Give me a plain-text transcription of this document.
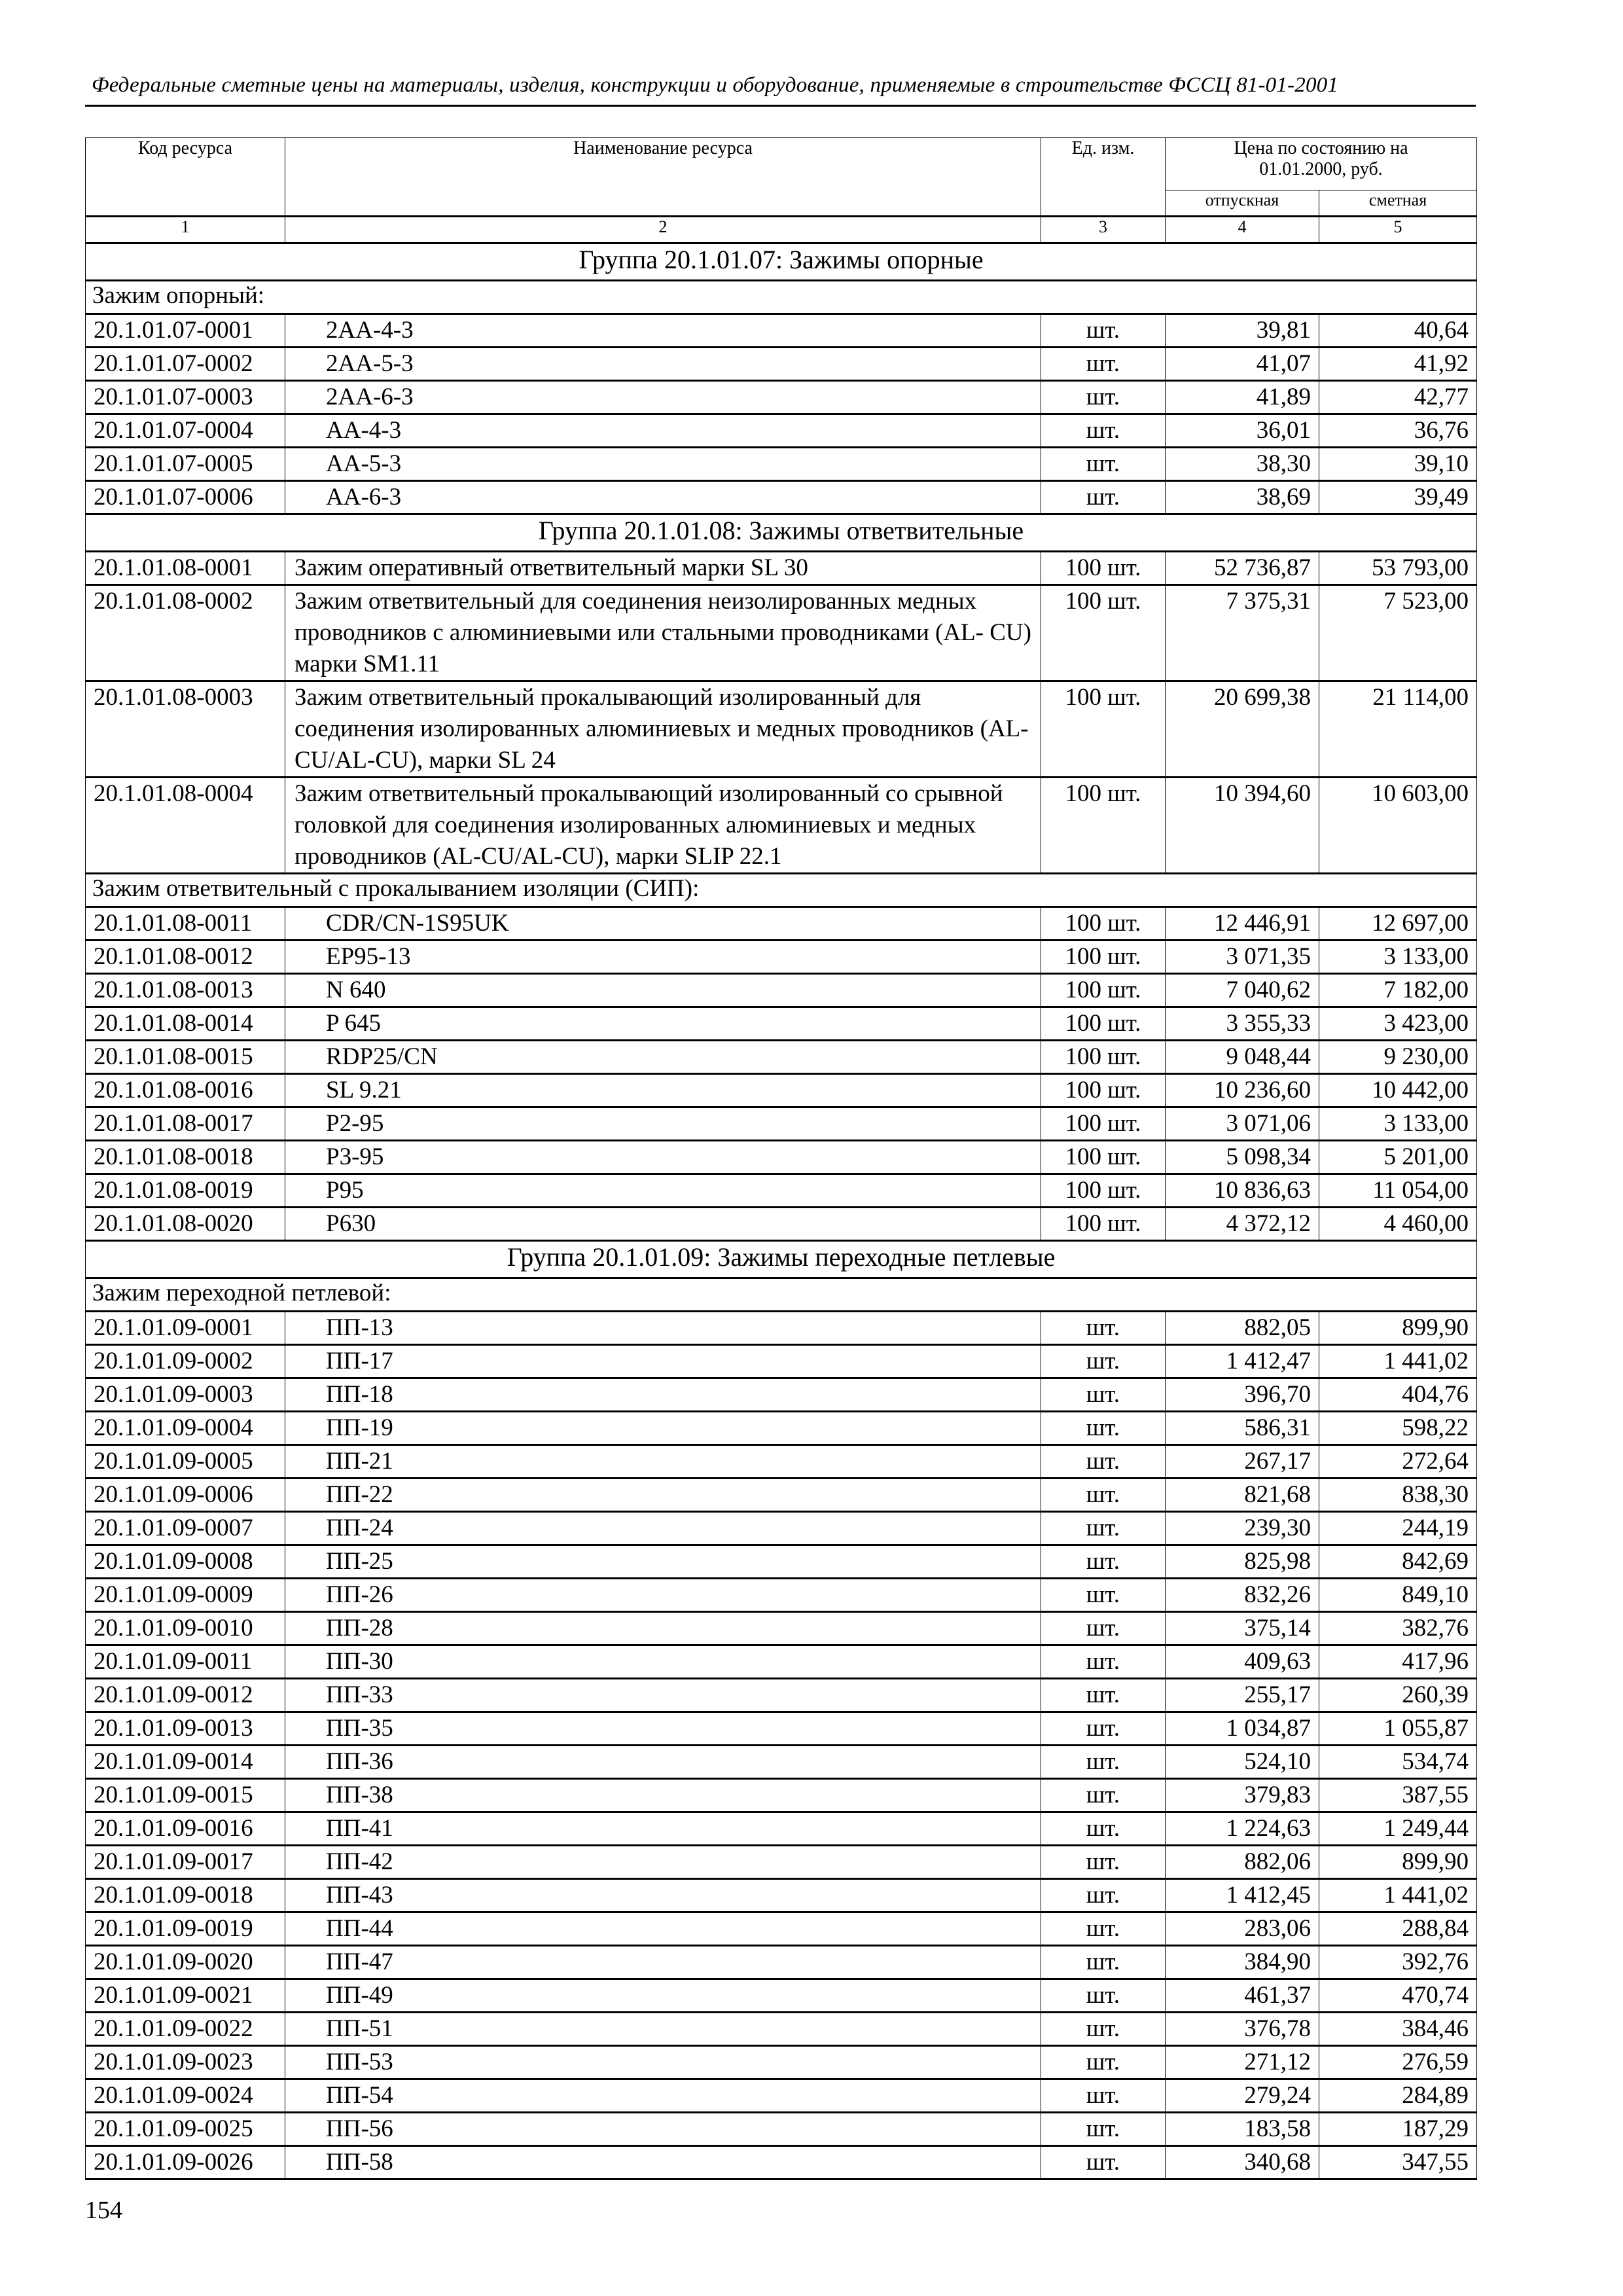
Федеральные сметные цены на материалы, изделия, конструкции и оборудование, применяемые в строительстве ФССЦ 81-01-2001
Код ресурса	Наименование ресурса	Ед. изм.	Цена по состоянию на 01.01.2000, руб.	
			отпускная	сметная
1	2	3	4	5
Группа 20.1.01.07: Зажимы опорные				
Зажим опорный:				
20.1.01.07-0001	2АА-4-3	шт.	39,81	40,64
20.1.01.07-0002	2АА-5-3	шт.	41,07	41,92
20.1.01.07-0003	2АА-6-3	шт.	41,89	42,77
20.1.01.07-0004	АА-4-3	шт.	36,01	36,76
20.1.01.07-0005	АА-5-3	шт.	38,30	39,10
20.1.01.07-0006	АА-6-3	шт.	38,69	39,49
Группа 20.1.01.08: Зажимы ответвительные				
20.1.01.08-0001	Зажим оперативный ответвительный марки SL 30	100 шт.	52 736,87	53 793,00
20.1.01.08-0002	Зажим ответвительный для соединения неизолированных медных проводников с алюминиевыми или стальными проводниками (AL- CU) марки SM1.11	100 шт.	7 375,31	7 523,00
20.1.01.08-0003	Зажим ответвительный прокалывающий изолированный для соединения изолированных алюминиевых и медных проводников (AL-CU/AL-CU), марки SL 24	100 шт.	20 699,38	21 114,00
20.1.01.08-0004	Зажим ответвительный прокалывающий изолированный со срывной головкой для соединения изолированных алюминиевых и медных проводников (AL-CU/AL-CU), марки SLIP 22.1	100 шт.	10 394,60	10 603,00
Зажим ответвительный с прокалыванием изоляции (СИП):				
20.1.01.08-0011	CDR/CN-1S95UK	100 шт.	12 446,91	12 697,00
20.1.01.08-0012	EP95-13	100 шт.	3 071,35	3 133,00
20.1.01.08-0013	N 640	100 шт.	7 040,62	7 182,00
20.1.01.08-0014	P 645	100 шт.	3 355,33	3 423,00
20.1.01.08-0015	RDP25/CN	100 шт.	9 048,44	9 230,00
20.1.01.08-0016	SL 9.21	100 шт.	10 236,60	10 442,00
20.1.01.08-0017	P2-95	100 шт.	3 071,06	3 133,00
20.1.01.08-0018	P3-95	100 шт.	5 098,34	5 201,00
20.1.01.08-0019	P95	100 шт.	10 836,63	11 054,00
20.1.01.08-0020	P630	100 шт.	4 372,12	4 460,00
Группа 20.1.01.09: Зажимы переходные петлевые				
Зажим переходной петлевой:				
20.1.01.09-0001	ПП-13	шт.	882,05	899,90
20.1.01.09-0002	ПП-17	шт.	1 412,47	1 441,02
20.1.01.09-0003	ПП-18	шт.	396,70	404,76
20.1.01.09-0004	ПП-19	шт.	586,31	598,22
20.1.01.09-0005	ПП-21	шт.	267,17	272,64
20.1.01.09-0006	ПП-22	шт.	821,68	838,30
20.1.01.09-0007	ПП-24	шт.	239,30	244,19
20.1.01.09-0008	ПП-25	шт.	825,98	842,69
20.1.01.09-0009	ПП-26	шт.	832,26	849,10
20.1.01.09-0010	ПП-28	шт.	375,14	382,76
20.1.01.09-0011	ПП-30	шт.	409,63	417,96
20.1.01.09-0012	ПП-33	шт.	255,17	260,39
20.1.01.09-0013	ПП-35	шт.	1 034,87	1 055,87
20.1.01.09-0014	ПП-36	шт.	524,10	534,74
20.1.01.09-0015	ПП-38	шт.	379,83	387,55
20.1.01.09-0016	ПП-41	шт.	1 224,63	1 249,44
20.1.01.09-0017	ПП-42	шт.	882,06	899,90
20.1.01.09-0018	ПП-43	шт.	1 412,45	1 441,02
20.1.01.09-0019	ПП-44	шт.	283,06	288,84
20.1.01.09-0020	ПП-47	шт.	384,90	392,76
20.1.01.09-0021	ПП-49	шт.	461,37	470,74
20.1.01.09-0022	ПП-51	шт.	376,78	384,46
20.1.01.09-0023	ПП-53	шт.	271,12	276,59
20.1.01.09-0024	ПП-54	шт.	279,24	284,89
20.1.01.09-0025	ПП-56	шт.	183,58	187,29
20.1.01.09-0026	ПП-58	шт.	340,68	347,55
154
